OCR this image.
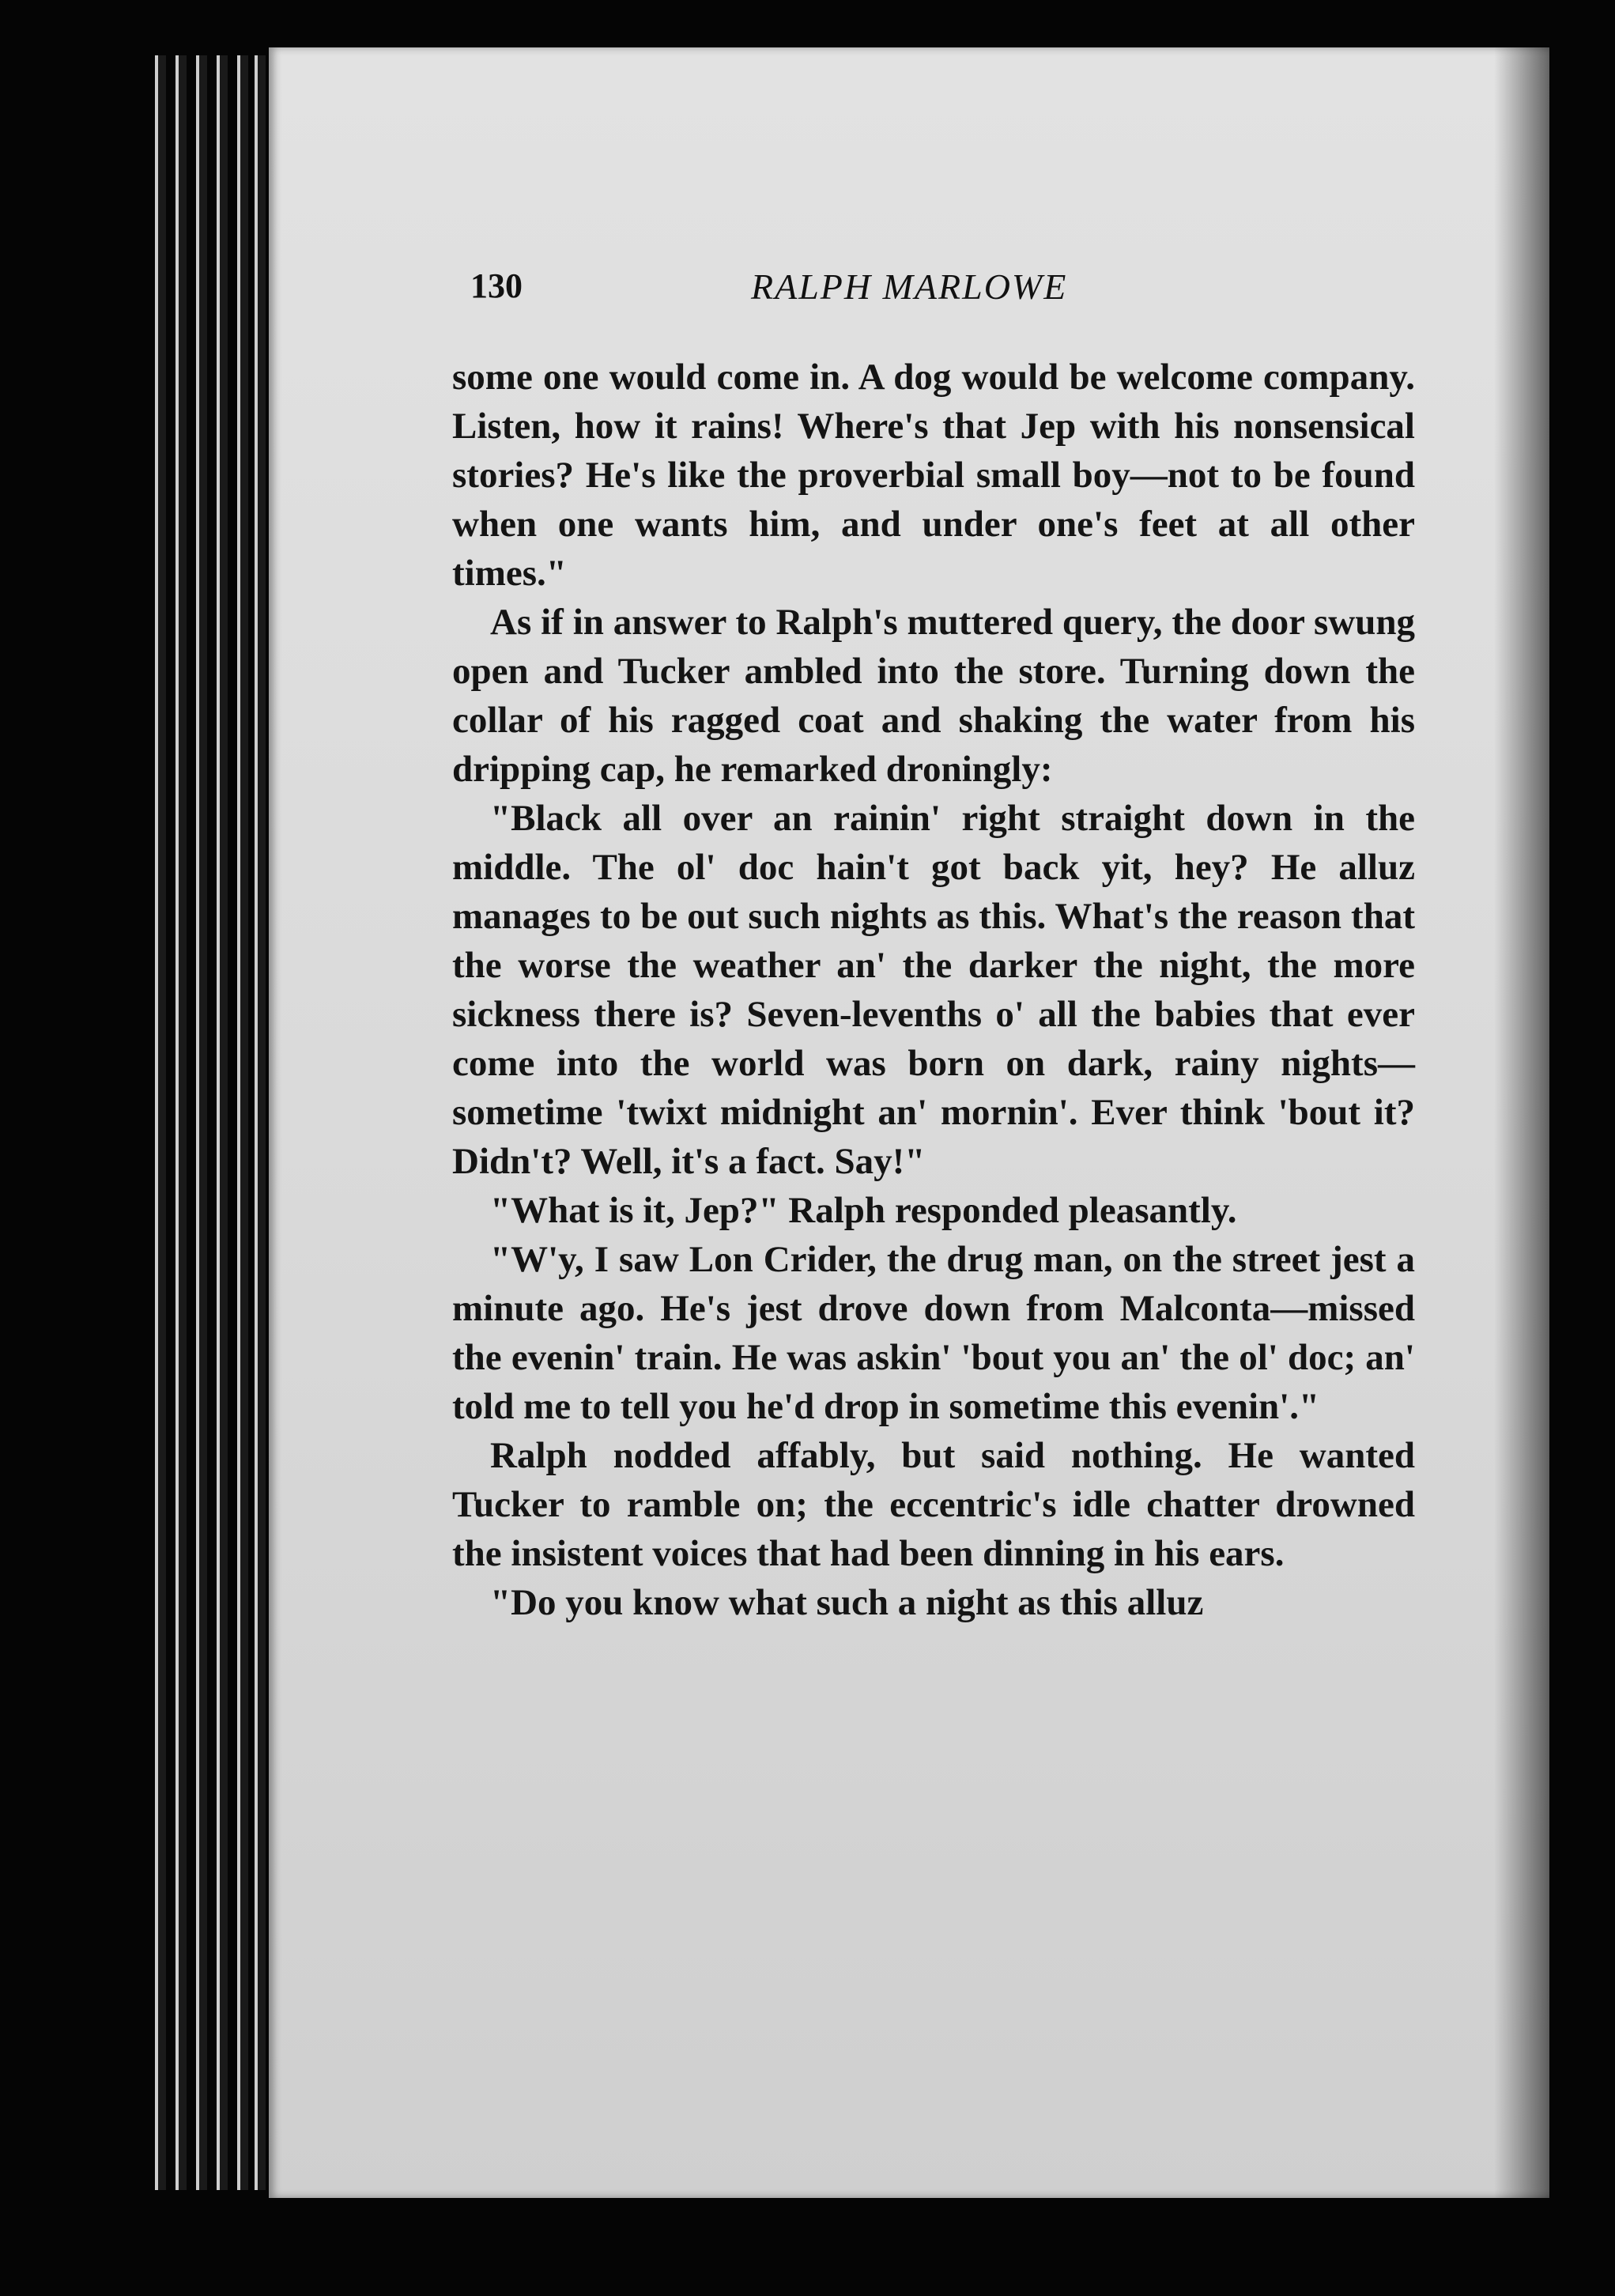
130	RALPH MARLOWE

some one would come in. A dog would be welcome company. Listen, how it rains! Where's that Jep with his nonsensical stories? He's like the proverbial small boy—not to be found when one wants him, and under one's feet at all other times."

As if in answer to Ralph's muttered query, the door swung open and Tucker ambled into the store. Turning down the collar of his ragged coat and shaking the water from his dripping cap, he remarked droningly:

"Black all over an rainin' right straight down in the middle. The ol' doc hain't got back yit, hey? He alluz manages to be out such nights as this. What's the reason that the worse the weather an' the darker the night, the more sickness there is? Seven-levenths o' all the babies that ever come into the world was born on dark, rainy nights—sometime 'twixt midnight an' mornin'. Ever think 'bout it? Didn't? Well, it's a fact. Say!"

"What is it, Jep?" Ralph responded pleasantly.

"W'y, I saw Lon Crider, the drug man, on the street jest a minute ago. He's jest drove down from Malconta—missed the evenin' train. He was askin' 'bout you an' the ol' doc; an' told me to tell you he'd drop in sometime this evenin'."

Ralph nodded affably, but said nothing. He wanted Tucker to ramble on; the eccentric's idle chatter drowned the insistent voices that had been dinning in his ears.

"Do you know what such a night as this alluz
